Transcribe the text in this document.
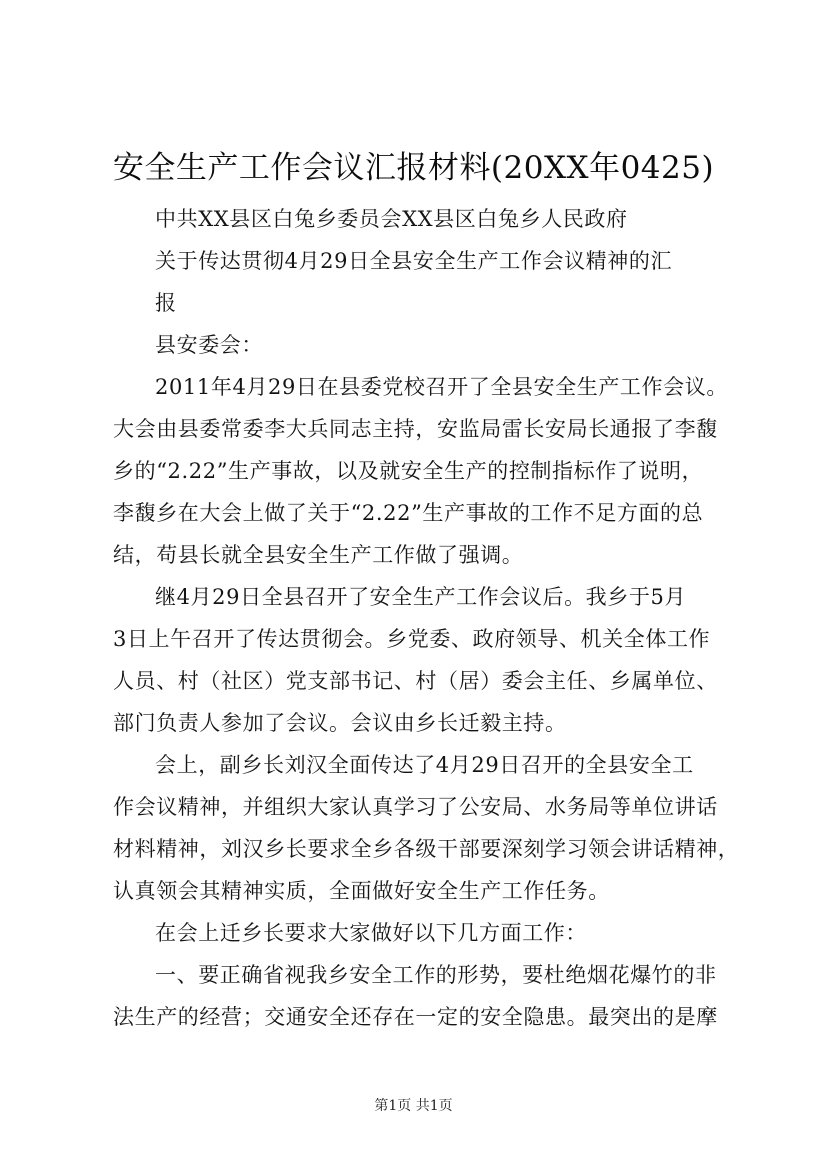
安全生产工作会议汇报材料(20XX年0425)
中共XX县区白兔乡委员会XX县区白兔乡人民政府
关于传达贯彻4月29日全县安全生产工作会议精神的汇
报
县安委会：
2011年4月29日在县委党校召开了全县安全生产工作会议。
大会由县委常委李大兵同志主持，安监局雷长安局长通报了李馥
乡的“2.22”生产事故，以及就安全生产的控制指标作了说明，
李馥乡在大会上做了关于“2.22”生产事故的工作不足方面的总
结，苟县长就全县安全生产工作做了强调。
继4月29日全县召开了安全生产工作会议后。我乡于5月
3日上午召开了传达贯彻会。乡党委、政府领导、机关全体工作
人员、村（社区）党支部书记、村（居）委会主任、乡属单位、
部门负责人参加了会议。会议由乡长迁毅主持。
会上，副乡长刘汉全面传达了4月29日召开的全县安全工
作会议精神，并组织大家认真学习了公安局、水务局等单位讲话
材料精神，刘汉乡长要求全乡各级干部要深刻学习领会讲话精神，
认真领会其精神实质，全面做好安全生产工作任务。
在会上迁乡长要求大家做好以下几方面工作：
一、要正确省视我乡安全工作的形势，要杜绝烟花爆竹的非
法生产的经营；交通安全还存在一定的安全隐患。最突出的是摩
第1页 共1页
